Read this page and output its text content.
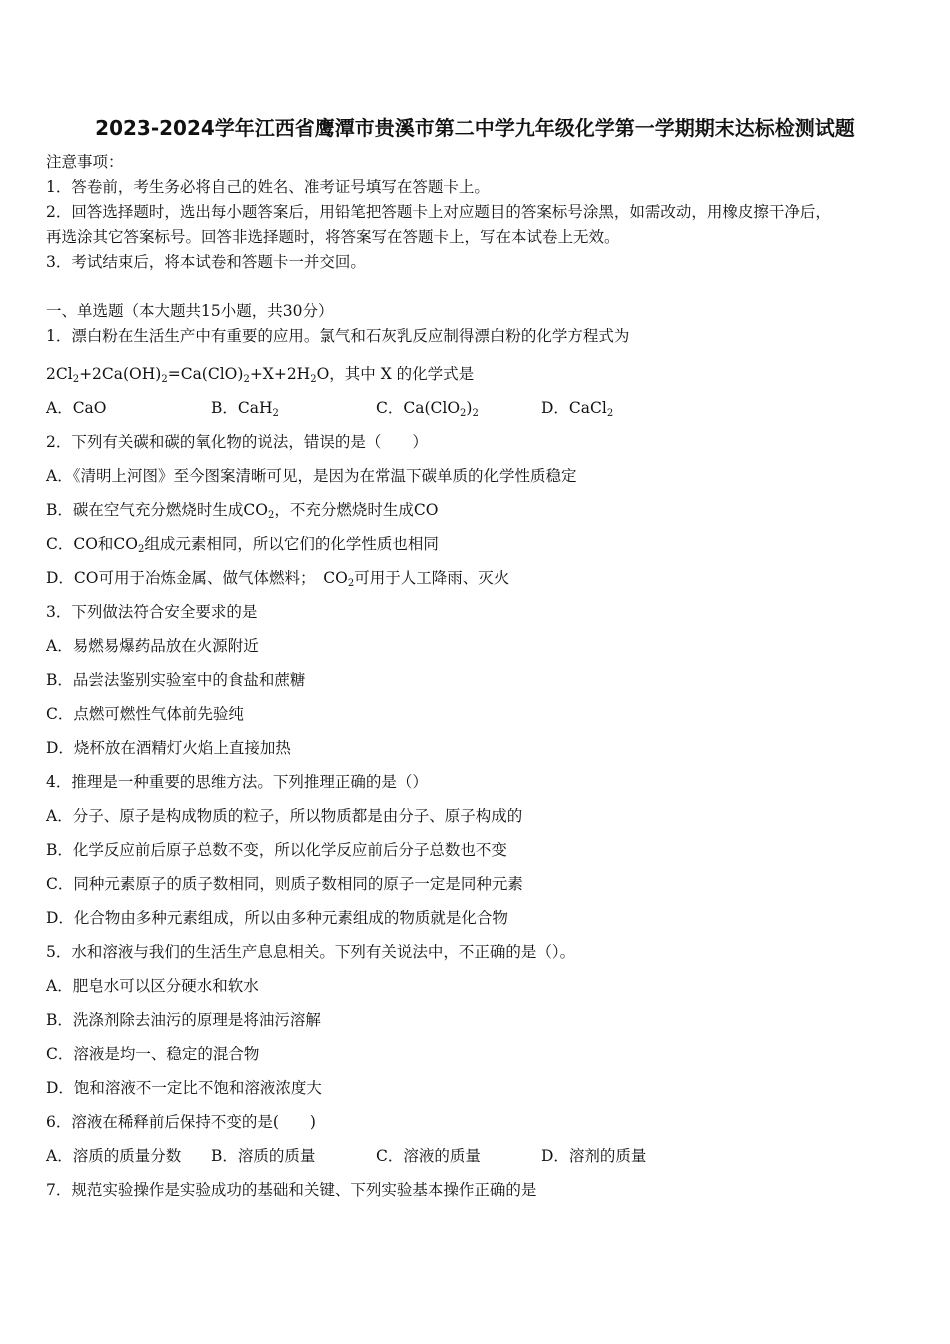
2023-2024学年江西省鹰潭市贵溪市第二中学九年级化学第一学期期末达标检测试题
注意事项：
1．答卷前，考生务必将自己的姓名、准考证号填写在答题卡上。
2．回答选择题时，选出每小题答案后，用铅笔把答题卡上对应题目的答案标号涂黑，如需改动，用橡皮擦干净后，
再选涂其它答案标号。回答非选择题时，将答案写在答题卡上，写在本试卷上无效。
3．考试结束后，将本试卷和答题卡一并交回。
一、单选题（本大题共15小题，共30分）
1．漂白粉在生活生产中有重要的应用。氯气和石灰乳反应制得漂白粉的化学方程式为
$2Cl_2+2Ca(OH)_2=Ca(ClO)_2+X+2H_2O$，其中 X 的化学式是
A．CaO	B．CaH$_2$	C．$Ca(ClO_2)_2$	D．CaCl$_2$
2．下列有关碳和碳的氧化物的说法，错误的是（　　）
A．《清明上河图》至今图案清晰可见，是因为在常温下碳单质的化学性质稳定
B．碳在空气充分燃烧时生成$CO_2$，不充分燃烧时生成CO
C．CO和$CO_2$组成元素相同，所以它们的化学性质也相同
D．CO可用于冶炼金属、做气体燃料；　$CO_2$可用于人工降雨、灭火
3．下列做法符合安全要求的是
A．易燃易爆药品放在火源附近
B．品尝法鉴别实验室中的食盐和蔗糖
C．点燃可燃性气体前先验纯
D．烧杯放在酒精灯火焰上直接加热
4．推理是一种重要的思维方法。下列推理正确的是（）
A．分子、原子是构成物质的粒子，所以物质都是由分子、原子构成的
B．化学反应前后原子总数不变，所以化学反应前后分子总数也不变
C．同种元素原子的质子数相同，则质子数相同的原子一定是同种元素
D．化合物由多种元素组成，所以由多种元素组成的物质就是化合物
5．水和溶液与我们的生活生产息息相关。下列有关说法中，不正确的是（）。
A．肥皂水可以区分硬水和软水
B．洗涤剂除去油污的原理是将油污溶解
C．溶液是均一、稳定的混合物
D．饱和溶液不一定比不饱和溶液浓度大
6．溶液在稀释前后保持不变的是(　　)
A．溶质的质量分数 B．溶质的质量	C．溶液的质量	D．溶剂的质量
7．规范实验操作是实验成功的基础和关键、下列实验基本操作正确的是
